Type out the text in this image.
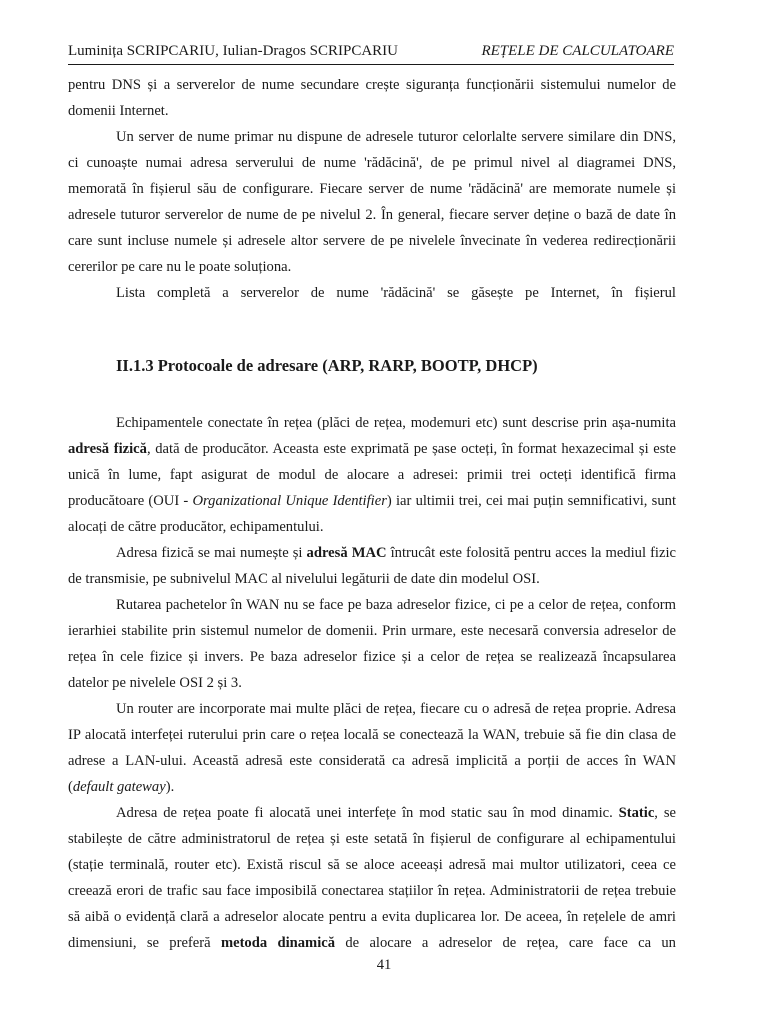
Luminița SCRIPCARIU, Iulian-Dragos SCRIPCARIU	REȚELE DE CALCULATOARE

pentru DNS și a serverelor de nume secundare crește siguranța funcționării sistemului numelor de domenii Internet.

Un server de nume primar nu dispune de adresele tuturor celorlalte servere similare din DNS, ci cunoaște numai adresa serverului de nume 'rădăcină', de pe primul nivel al diagramei DNS, memorată în fișierul său de configurare. Fiecare server de nume 'rădăcină' are memorate numele și adresele tuturor serverelor de nume de pe nivelul 2. În general, fiecare server deține o bază de date în care sunt incluse numele și adresele altor servere de pe nivelele învecinate în vederea redirecționării cererilor pe care nu le poate soluționa.

Lista completă a serverelor de nume 'rădăcină' se găsește pe Internet, în fișierul

II.1.3 Protocoale de adresare (ARP, RARP, BOOTP, DHCP)

Echipamentele conectate în rețea (plăci de rețea, modemuri etc) sunt descrise prin așa-numita adresă fizică, dată de producător. Aceasta este exprimată pe șase octeți, în format hexazecimal și este unică în lume, fapt asigurat de modul de alocare a adresei: primii trei octeți identifică firma producătoare (OUI - Organizational Unique Identifier) iar ultimii trei, cei mai puțin semnificativi, sunt alocați de către producător, echipamentului.

Adresa fizică se mai numește și adresă MAC întrucât este folosită pentru acces la mediul fizic de transmisie, pe subnivelul MAC al nivelului legăturii de date din modelul OSI.

Rutarea pachetelor în WAN nu se face pe baza adreselor fizice, ci pe a celor de rețea, conform ierarhiei stabilite prin sistemul numelor de domenii. Prin urmare, este necesară conversia adreselor de rețea în cele fizice și invers. Pe baza adreselor fizice și a celor de rețea se realizează încapsularea datelor pe nivelele OSI 2 și 3.

Un router are incorporate mai multe plăci de rețea, fiecare cu o adresă de rețea proprie. Adresa IP alocată interfeței ruterului prin care o rețea locală se conectează la WAN, trebuie să fie din clasa de adrese a LAN-ului. Această adresă este considerată ca adresă implicită a porții de acces în WAN (default gateway).

Adresa de rețea poate fi alocată unei interfețe în mod static sau în mod dinamic. Static, se stabilește de către administratorul de rețea și este setată în fișierul de configurare al echipamentului (stație terminală, router etc). Există riscul să se aloce aceeași adresă mai multor utilizatori, ceea ce creează erori de trafic sau face imposibilă conectarea stațiilor în rețea. Administratorii de rețea trebuie să aibă o evidență clară a adreselor alocate pentru a evita duplicarea lor. De aceea, în rețelele de amri dimensiuni, se preferă metoda dinamică de alocare a adreselor de rețea, care face ca un

41
